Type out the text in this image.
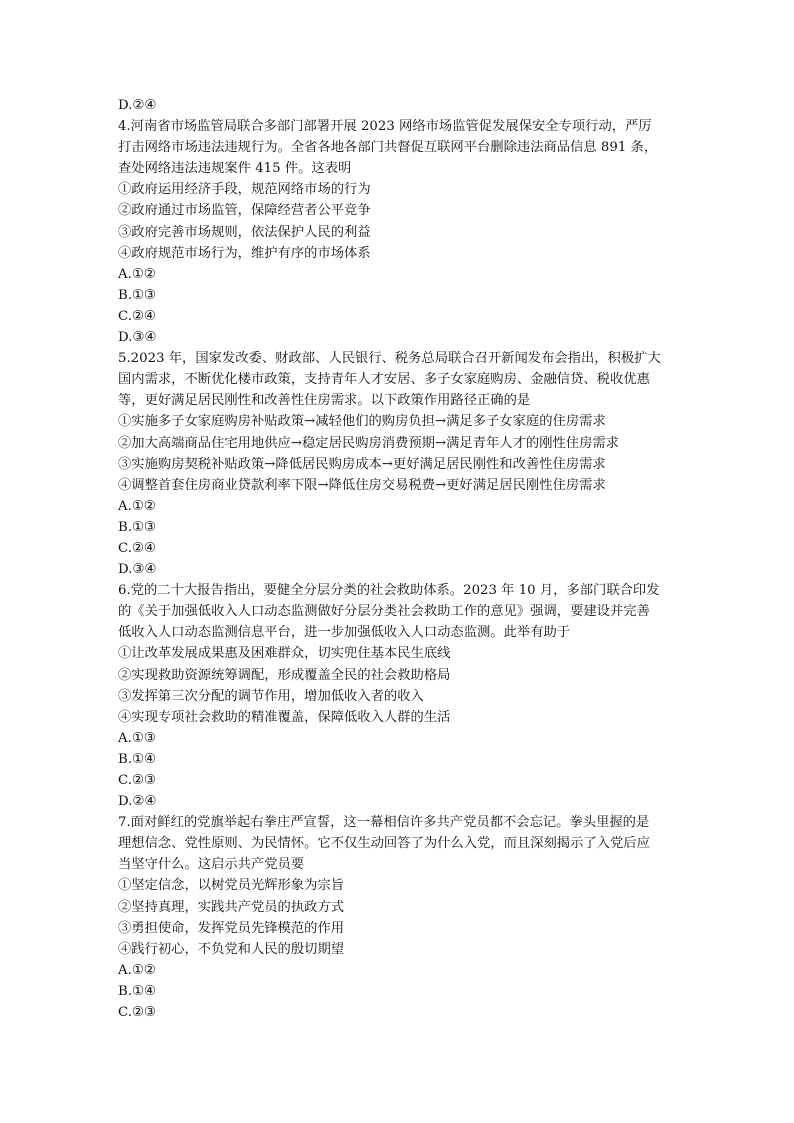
D.②④
4.河南省市场监管局联合多部门部署开展 2023 网络市场监管促发展保安全专项行动，严厉
打击网络市场违法违规行为。全省各地各部门共督促互联网平台删除违法商品信息 891 条，
查处网络违法违规案件 415 件。这表明
①政府运用经济手段，规范网络市场的行为
②政府通过市场监管，保障经营者公平竞争
③政府完善市场规则，依法保护人民的利益
④政府规范市场行为，维护有序的市场体系
A.①②
B.①③
C.②④
D.③④
5.2023 年，国家发改委、财政部、人民银行、税务总局联合召开新闻发布会指出，积极扩大
国内需求，不断优化楼市政策，支持青年人才安居、多子女家庭购房、金融信贷、税收优惠
等，更好满足居民刚性和改善性住房需求。以下政策作用路径正确的是
①实施多子女家庭购房补贴政策→减轻他们的购房负担→满足多子女家庭的住房需求
②加大高端商品住宅用地供应→稳定居民购房消费预期→满足青年人才的刚性住房需求
③实施购房契税补贴政策→降低居民购房成本→更好满足居民刚性和改善性住房需求
④调整首套住房商业贷款利率下限→降低住房交易税费→更好满足居民刚性住房需求
A.①②
B.①③
C.②④
D.③④
6.党的二十大报告指出，要健全分层分类的社会救助体系。2023 年 10 月，多部门联合印发
的《关于加强低收入人口动态监测做好分层分类社会救助工作的意见》强调，要建设并完善
低收入人口动态监测信息平台，进一步加强低收入人口动态监测。此举有助于
①让改革发展成果惠及困难群众，切实兜住基本民生底线
②实现救助资源统筹调配，形成覆盖全民的社会救助格局
③发挥第三次分配的调节作用，增加低收入者的收入
④实现专项社会救助的精准覆盖，保障低收入人群的生活
A.①③
B.①④
C.②③
D.②④
7.面对鲜红的党旗举起右拳庄严宣誓，这一幕相信许多共产党员都不会忘记。拳头里握的是
理想信念、党性原则、为民情怀。它不仅生动回答了为什么入党，而且深刻揭示了入党后应
当坚守什么。这启示共产党员要
①坚定信念，以树党员光辉形象为宗旨
②坚持真理，实践共产党员的执政方式
③勇担使命，发挥党员先锋模范的作用
④践行初心，不负党和人民的殷切期望
A.①②
B.①④
C.②③
